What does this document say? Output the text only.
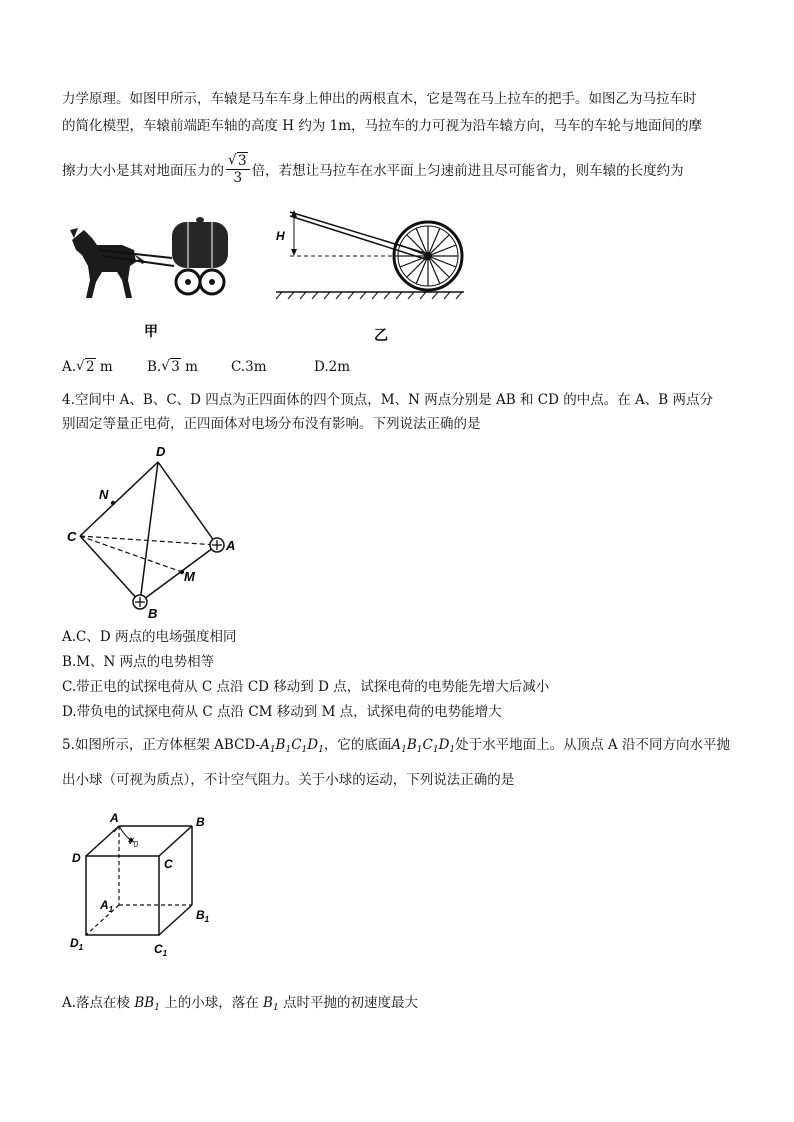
力学原理。如图甲所示，车辕是马车车身上伸出的两根直木，它是驾在马上拉车的把手。如图乙为马拉车时
的简化模型，车辕前端距车轴的高度 H 约为 1m，马拉车的力可视为沿车辕方向，马车的车轮与地面间的摩
擦力大小是其对地面压力的 √ $\frac{3}{3}$ 倍，若想让马拉车在水平面上匀速前进且尽可能省力，则车辕的长度约为
甲
H
乙
A. √ 2 m	B. √ 3 m C.3m	D.2m
4.空间中 A、B、C、D 四点为正四面体的四个顶点，M、N 两点分别是 AB 和 CD 的中点。在 A、B 两点分
别固定等量正电荷，正四面体对电场分布没有影响。下列说法正确的是
D
N
C
A
M
B
A.C、D 两点的电场强度相同
B.M、N 两点的电势相等
C.带正电的试探电荷从 C 点沿 CD 移动到 D 点，试探电荷的电势能先增大后减小
D.带负电的试探电荷从 C 点沿 CM 移动到 M 点，试探电荷的电势能增大
5.如图所示，正方体框架 ABCD-$A_1B_1C_1D_1$，它的底面$A_1B_1C_1D_1$处于水平地面上。从顶点 A 沿不同方向水平抛
出小球（可视为质点），不计空气阻力。关于小球的运动，下列说法正确的是
A	B
D	C
$v_0$
$A_1$	$B_1$
$D_1$	$C_1$
A.落点在棱 $BB_1$ 上的小球，落在 $B_1$ 点时平抛的初速度最大
